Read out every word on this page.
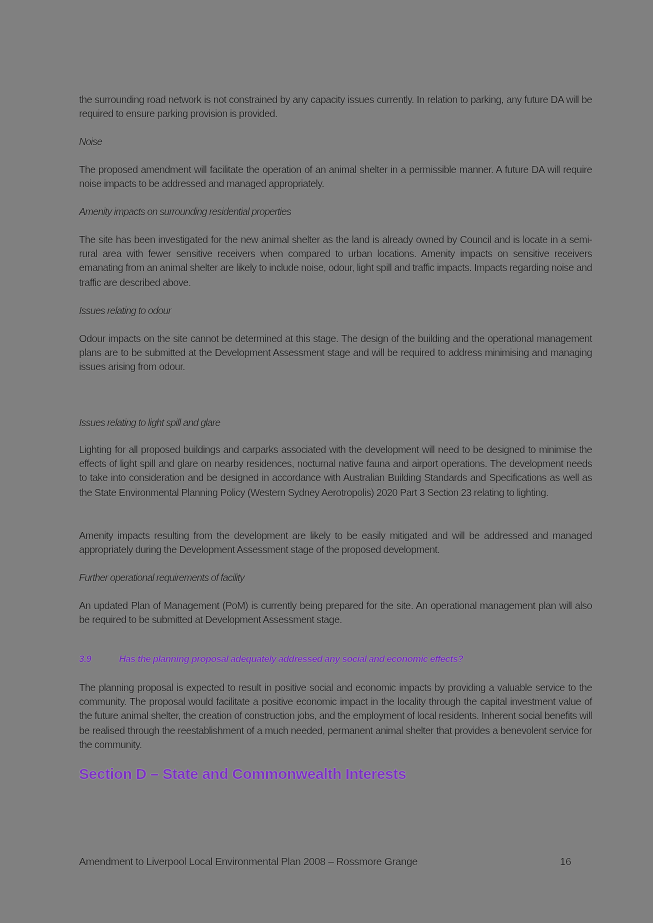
the surrounding road network is not constrained by any capacity issues currently. In relation to parking, any future DA will be required to ensure parking provision is provided.

Noise

The proposed amendment will facilitate the operation of an animal shelter in a permissible manner. A future DA will require noise impacts to be addressed and managed appropriately.

Amenity impacts on surrounding residential properties

The site has been investigated for the new animal shelter as the land is already owned by Council and is locate in a semi-rural area with fewer sensitive receivers when compared to urban locations. Amenity impacts on sensitive receivers emanating from an animal shelter are likely to include noise, odour, light spill and traffic impacts. Impacts regarding noise and traffic are described above.

Issues relating to odour

Odour impacts on the site cannot be determined at this stage. The design of the building and the operational management plans are to be submitted at the Development Assessment stage and will be required to address minimising and managing issues arising from odour.

Issues relating to light spill and glare

Lighting for all proposed buildings and carparks associated with the development will need to be designed to minimise the effects of light spill and glare on nearby residences, nocturnal native fauna and airport operations. The development needs to take into consideration and be designed in accordance with Australian Building Standards and Specifications as well as the State Environmental Planning Policy (Western Sydney Aerotropolis) 2020 Part 3 Section 23 relating to lighting.

Amenity impacts resulting from the development are likely to be easily mitigated and will be addressed and managed appropriately during the Development Assessment stage of the proposed development.

Further operational requirements of facility

An updated Plan of Management (PoM) is currently being prepared for the site. An operational management plan will also be required to be submitted at Development Assessment stage.

3.9	Has the planning proposal adequately addressed any social and economic effects?

The planning proposal is expected to result in positive social and economic impacts by providing a valuable service to the community. The proposal would facilitate a positive economic impact in the locality through the capital investment value of the future animal shelter, the creation of construction jobs, and the employment of local residents. Inherent social benefits will be realised through the reestablishment of a much needed, permanent animal shelter that provides a benevolent service for the community.

Section D – State and Commonwealth Interests
Amendment to Liverpool Local Environmental Plan 2008 – Rossmore Grange	16
